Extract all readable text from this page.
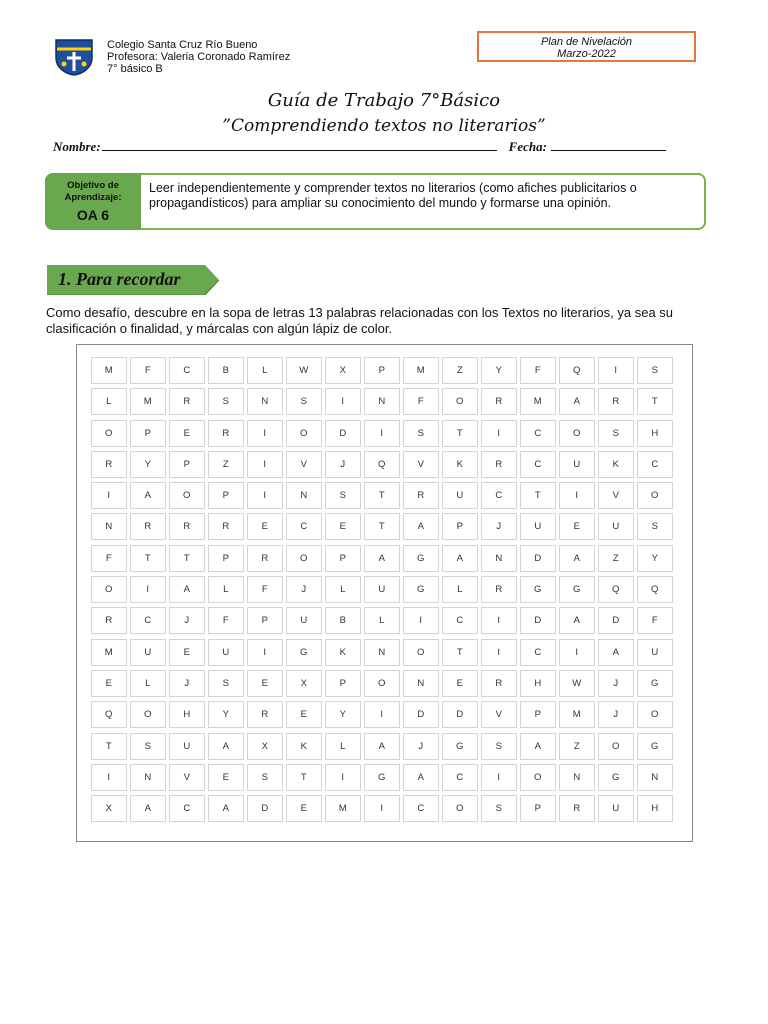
Colegio Santa Cruz Río Bueno
Profesora: Valeria Coronado Ramírez
7° básico B
Plan de Nivelación
Marzo-2022
Guía de Trabajo 7°Básico
”Comprendiendo textos no literarios”
Nombre:	Fecha:
Objetivo de Aprendizaje:
OA 6
Leer independientemente y comprender textos no literarios (como afiches publicitarios o propagandísticos) para ampliar su conocimiento del mundo y formarse una opinión.
1. Para recordar
Como desafío, descubre en la sopa de letras 13 palabras relacionadas con los Textos no literarios, ya sea su clasificación o finalidad, y márcalas con algún lápiz de color.
M	F	C	B	L	W	X	P	M	Z	Y	F	Q	I	S
L	M	R	S	N	S	I	N	F	O	R	M	A	R	T
O	P	E	R	I	O	D	I	S	T	I	C	O	S	H
R	Y	P	Z	I	V	J	Q	V	K	R	C	U	K	C
I	A	O	P	I	N	S	T	R	U	C	T	I	V	O
N	R	R	R	E	C	E	T	A	P	J	U	E	U	S
F	T	T	P	R	O	P	A	G	A	N	D	A	Z	Y
O	I	A	L	F	J	L	U	G	L	R	G	G	Q	Q
R	C	J	F	P	U	B	L	I	C	I	D	A	D	F
M	U	E	U	I	G	K	N	O	T	I	C	I	A	U
E	L	J	S	E	X	P	O	N	E	R	H	W	J	G
Q	O	H	Y	R	E	Y	I	D	D	V	P	M	J	O
T	S	U	A	X	K	L	A	J	G	S	A	Z	O	G
I	N	V	E	S	T	I	G	A	C	I	O	N	G	N
X	A	C	A	D	E	M	I	C	O	S	P	R	U	H
